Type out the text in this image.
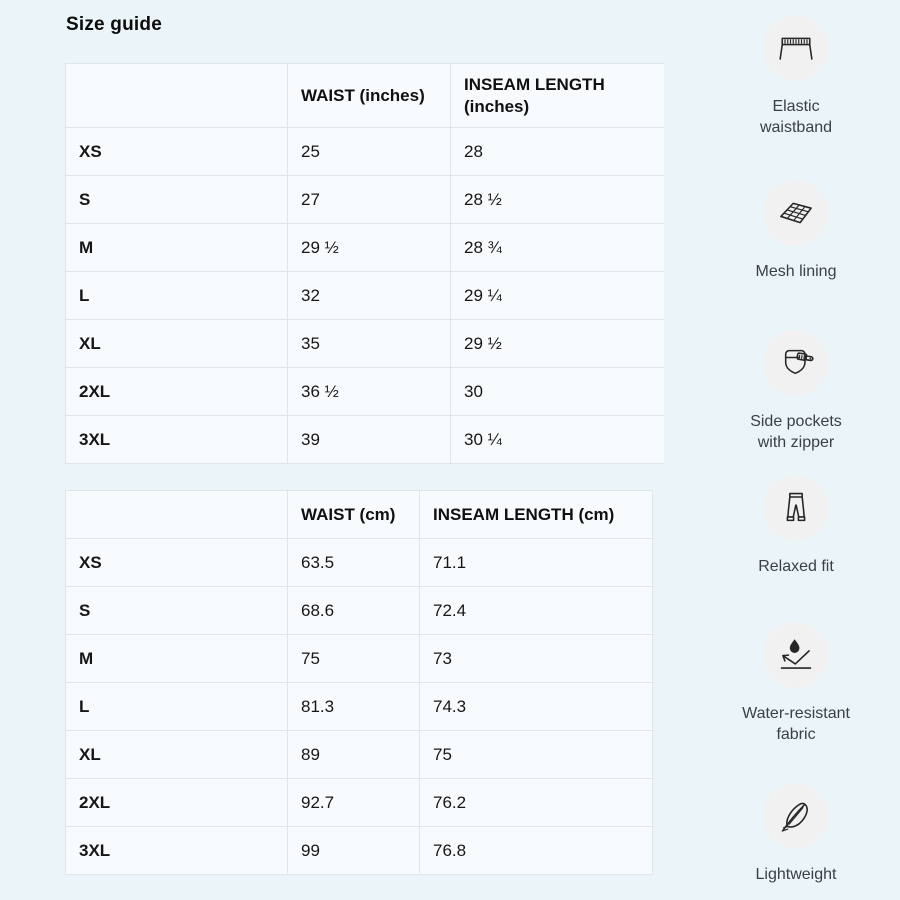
Size guide
	WAIST (inches)	INSEAM LENGTH (inches)
XS	25	28
S	27	28 ½
M	29 ½	28 ¾
L	32	29 ¼
XL	35	29 ½
2XL	36 ½	30
3XL	39	30 ¼
	WAIST (cm)	INSEAM LENGTH (cm)
XS	63.5	71.1
S	68.6	72.4
M	75	73
L	81.3	74.3
XL	89	75
2XL	92.7	76.2
3XL	99	76.8
Elastic waistband
Mesh lining
Side pockets with zipper
Relaxed fit
Water-resistant fabric
Lightweight
